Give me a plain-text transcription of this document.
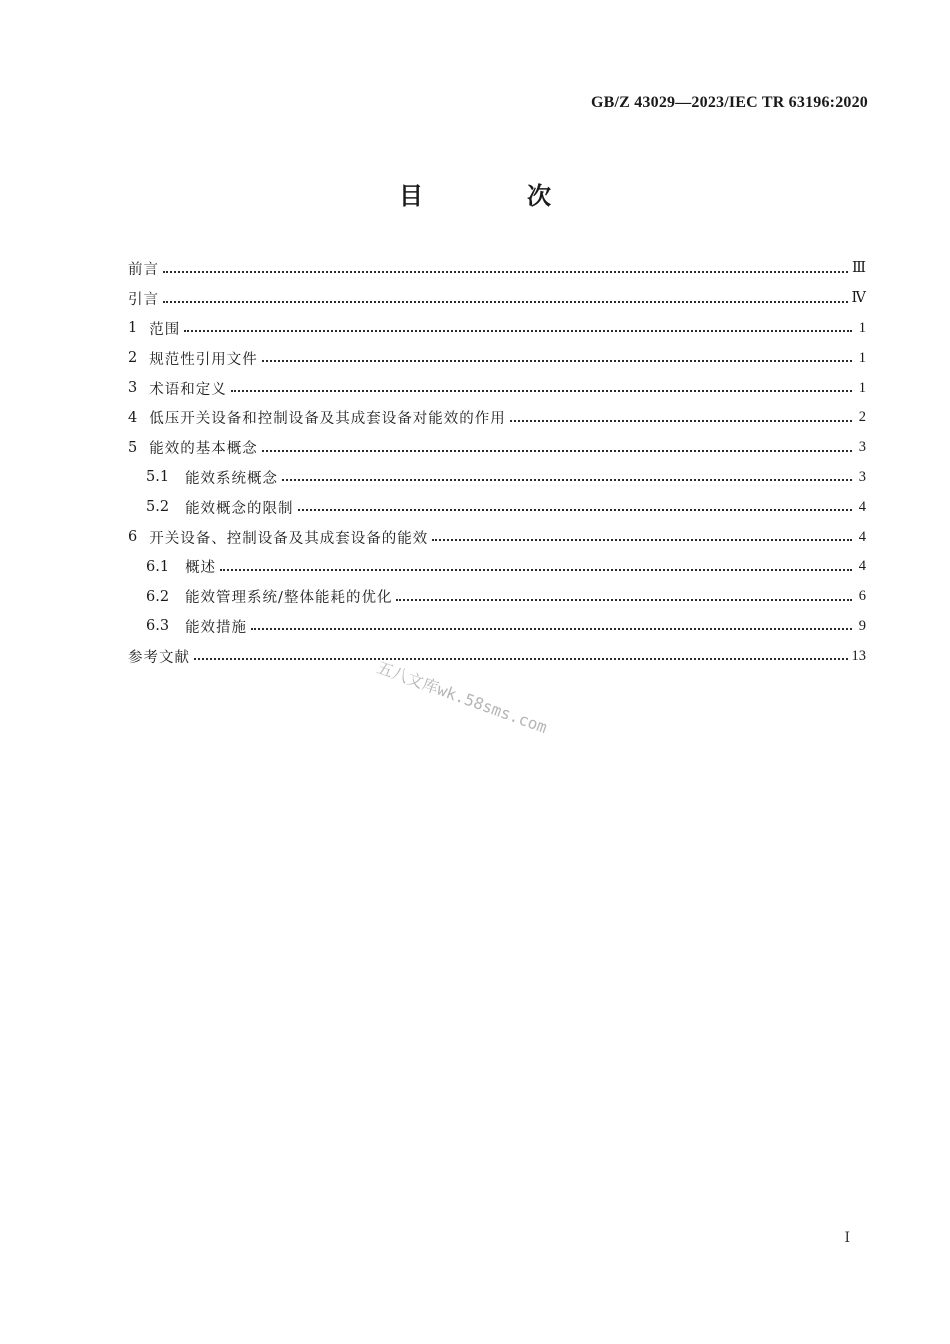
GB/Z 43029—2023/IEC TR 63196:2020
目　次
前言	Ⅲ
引言	Ⅳ
1 范围	1
2 规范性引用文件	1
3 术语和定义	1
4 低压开关设备和控制设备及其成套设备对能效的作用	2
5 能效的基本概念	3
5.1 能效系统概念	3
5.2 能效概念的限制	4
6 开关设备、控制设备及其成套设备的能效	4
6.1 概述	4
6.2 能效管理系统/整体能耗的优化	6
6.3 能效措施	9
参考文献	13
五八文库wk.58sms.com
I
